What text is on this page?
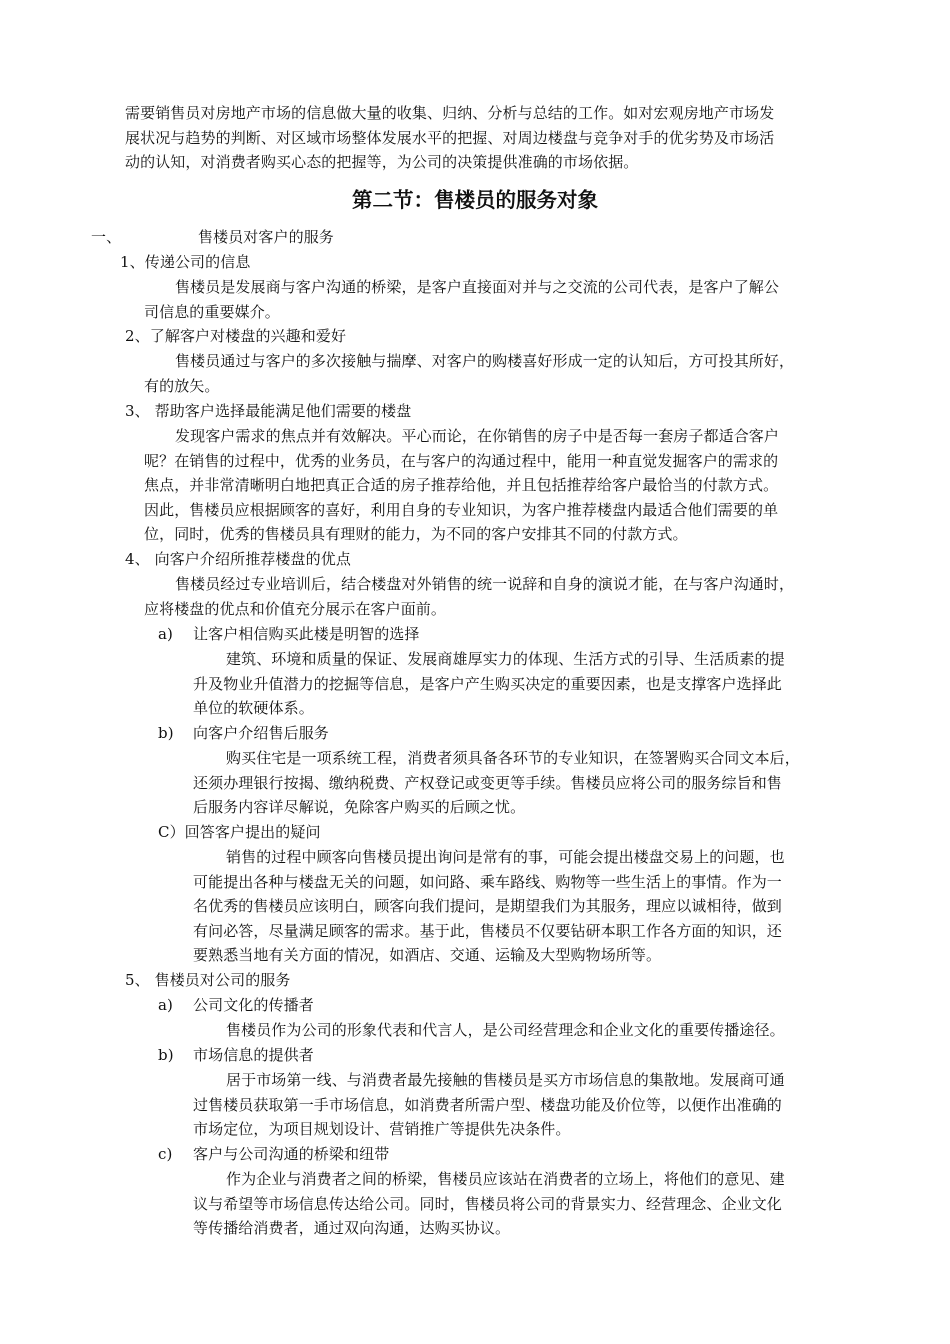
需要销售员对房地产市场的信息做大量的收集、归纳、分析与总结的工作。如对宏观房地产市场发
展状况与趋势的判断、对区域市场整体发展水平的把握、对周边楼盘与竞争对手的优劣势及市场活
动的认知，对消费者购买心态的把握等，为公司的决策提供准确的市场依据。
第二节：售楼员的服务对象
一、	售楼员对客户的服务
1、传递公司的信息
售楼员是发展商与客户沟通的桥梁，是客户直接面对并与之交流的公司代表，是客户了解公
司信息的重要媒介。
2、了解客户对楼盘的兴趣和爱好
售楼员通过与客户的多次接触与揣摩、对客户的购楼喜好形成一定的认知后，方可投其所好，
有的放矢。
3、 帮助客户选择最能满足他们需要的楼盘
发现客户需求的焦点并有效解决。平心而论，在你销售的房子中是否每一套房子都适合客户
呢？在销售的过程中，优秀的业务员，在与客户的沟通过程中，能用一种直觉发掘客户的需求的
焦点，并非常清晰明白地把真正合适的房子推荐给他，并且包括推荐给客户最恰当的付款方式。
因此，售楼员应根据顾客的喜好，利用自身的专业知识，为客户推荐楼盘内最适合他们需要的单
位，同时，优秀的售楼员具有理财的能力，为不同的客户安排其不同的付款方式。
4、 向客户介绍所推荐楼盘的优点
售楼员经过专业培训后，结合楼盘对外销售的统一说辞和自身的演说才能，在与客户沟通时，
应将楼盘的优点和价值充分展示在客户面前。
a) 让客户相信购买此楼是明智的选择
建筑、环境和质量的保证、发展商雄厚实力的体现、生活方式的引导、生活质素的提
升及物业升值潜力的挖掘等信息，是客户产生购买决定的重要因素，也是支撑客户选择此
单位的软硬体系。
b) 向客户介绍售后服务
购买住宅是一项系统工程，消费者须具备各环节的专业知识，在签署购买合同文本后，
还须办理银行按揭、缴纳税费、产权登记或变更等手续。售楼员应将公司的服务综旨和售
后服务内容详尽解说，免除客户购买的后顾之忧。
C）回答客户提出的疑问
销售的过程中顾客向售楼员提出询问是常有的事，可能会提出楼盘交易上的问题，也
可能提出各种与楼盘无关的问题，如问路、乘车路线、购物等一些生活上的事情。作为一
名优秀的售楼员应该明白，顾客向我们提问，是期望我们为其服务，理应以诚相待，做到
有问必答，尽量满足顾客的需求。基于此，售楼员不仅要钻研本职工作各方面的知识，还
要熟悉当地有关方面的情况，如酒店、交通、运输及大型购物场所等。
5、 售楼员对公司的服务
a) 公司文化的传播者
售楼员作为公司的形象代表和代言人，是公司经营理念和企业文化的重要传播途径。
b) 市场信息的提供者
居于市场第一线、与消费者最先接触的售楼员是买方市场信息的集散地。发展商可通
过售楼员获取第一手市场信息，如消费者所需户型、楼盘功能及价位等，以便作出准确的
市场定位，为项目规划设计、营销推广等提供先决条件。
c) 客户与公司沟通的桥梁和纽带
作为企业与消费者之间的桥梁，售楼员应该站在消费者的立场上，将他们的意见、建
议与希望等市场信息传达给公司。同时，售楼员将公司的背景实力、经营理念、企业文化
等传播给消费者，通过双向沟通，达购买协议。
